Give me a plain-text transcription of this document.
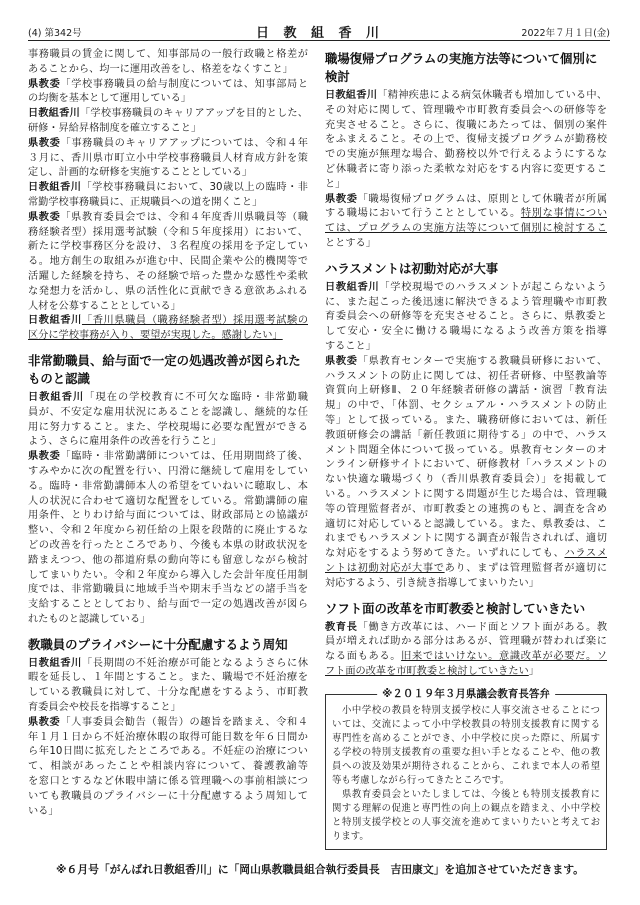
(4) 第342号	日 教 組 香 川	2022年７月１日(金)
事務職員の賃金に関して、知事部局の一般行政職と格差が
あることから、均一に運用改善をし、格差をなくすこと」
県教委「学校事務職員の給与制度については、知事部局と
の均衡を基本として運用している」
日教組香川「学校事務職員のキャリアアップを目的とした、
研修・昇給昇格制度を確立すること」
県教委「事務職員のキャリアアップについては、令和４年
３月に、香川県市町立小中学校事務職員人材育成方針を策
定し、計画的な研修を実施することとしている」
日教組香川「学校事務職員において、30歳以上の臨時・非
常勤学校事務職員に、正規職員への道を開くこと」
県教委「県教育委員会では、令和４年度香川県職員等（職
務経験者型）採用選考試験（令和５年度採用）において、
新たに学校事務区分を設け、３名程度の採用を予定してい
る。地方創生の取組みが進む中、民間企業や公的機関等で
活躍した経験を持ち、その経験で培った豊かな感性や柔軟
な発想力を活かし、県の活性化に貢献できる意欲あふれる
人材を公募することとしている」
日教組香川「香川県職員（職務経験者型）採用選考試験の
区分に学校事務が入り、要望が実現した。感謝したい」
非常勤職員、給与面で一定の処遇改善が図られた
ものと認識
日教組香川「現在の学校教育に不可欠な臨時・非常勤職
員が、不安定な雇用状況にあることを認識し、継続的な任
用に努力すること。また、学校現場に必要な配置ができる
よう、さらに雇用条件の改善を行うこと」
県教委「臨時・非常勤講師については、任用期間終了後、
すみやかに次の配置を行い、円滑に継続して雇用をしてい
る。臨時・非常勤講師本人の希望をていねいに聴取し、本
人の状況に合わせて適切な配置をしている。常勤講師の雇
用条件、とりわけ給与面については、財政部局との協議が
整い、令和２年度から初任給の上限を段階的に廃止するな
どの改善を行ったところであり、今後も本県の財政状況を
踏まえつつ、他の都道府県の動向等にも留意しながら検討
してまいりたい。令和２年度から導入した会計年度任用制
度では、非常勤職員に地域手当や期末手当などの諸手当を
支給することとしており、給与面で一定の処遇改善が図ら
れたものと認識している」
教職員のプライバシーに十分配慮するよう周知
日教組香川「長期間の不妊治療が可能となるようさらに休
暇を延長し、１年間とすること。また、職場で不妊治療を
している教職員に対して、十分な配慮をするよう、市町教
育委員会や校長を指導すること」
県教委「人事委員会勧告（報告）の趣旨を踏まえ、令和４
年１月１日から不妊治療休暇の取得可能日数を年６日間か
ら年10日間に拡充したところである。不妊症の治療につい
て、相談があったことや相談内容について、養護教諭等
を窓口とするなど休暇申請に係る管理職への事前相談につ
いても教職員のプライバシーに十分配慮するよう周知して
いる」
職場復帰プログラムの実施方法等について個別に
検討
日教組香川「精神疾患による病気休職者も増加している中、
その対応に関して、管理職や市町教育委員会への研修等を
充実させること。さらに、復職にあたっては、個別の案件
をふまえること。その上で、復帰支援プログラムが勤務校
での実施が無理な場合、勤務校以外で行えるようにするな
ど休職者に寄り添った柔軟な対応をする内容に変更するこ
と」
県教委「職場復帰プログラムは、原則として休職者が所属
する職場において行うこととしている。特別な事情につい
ては、プログラムの実施方法等について個別に検討するこ
ととする」
ハラスメントは初動対応が大事
日教組香川「学校現場でのハラスメントが起こらないよう
に、また起こった後迅速に解決できるよう管理職や市町教
育委員会への研修等を充実させること。さらに、県教委と
して安心・安全に働ける職場になるよう改善方策を指導
すること」
県教委「県教育センターで実施する教職員研修において、
ハラスメントの防止に関しては、初任者研修、中堅教論等
資質向上研修Ⅱ、２０年経験者研修の講話・演習「教育法
規」の中で、「体罰、セクシュアル・ハラスメントの防止
等」として扱っている。また、職務研修においては、新任
教頭研修会の講話「新任教頭に期待する」の中で、ハラス
メント問題全体について扱っている。県教育センターのオ
ンライン研修サイトにおいて、研修教材「ハラスメントの
ない快適な職場づくり（香川県教育委員会）」を掲載して
いる。ハラスメントに関する問題が生じた場合は、管理職
等の管理監督者が、市町教委との連携のもと、調査を含め
適切に対応していると認識している。また、県教委は、こ
れまでもハラスメントに関する調査が報告されれば、適切
な対応をするよう努めてきた。いずれにしても、ハラスメ
ントは初動対応が大事であり、まずは管理監督者が適切に
対応するよう、引き続き指導してまいりたい」
ソフト面の改革を市町教委と検討していきたい
教育長「働き方改革には、ハード面とソフト面がある。教
員が増えれば助かる部分はあるが、管理職が替われば楽に
なる面もある。旧来ではいけない。意識改革が必要だ。ソ
フト面の改革を市町教委と検討していきたい」
※２０１９年３月県議会教育長答弁
　小中学校の教員を特別支援学校に人事交流させることにつ
いては、交流によって小中学校教員の特別支援教育に関する
専門性を高めることができ、小中学校に戻った際に、所属す
る学校の特別支援教育の重要な担い手となることや、他の教
員への波及効果が期待されることから、これまで本人の希望
等も考慮しながら行ってきたところです。
　県教育委員会といたしましては、今後とも特別支援教育に
関する理解の促進と専門性の向上の観点を踏まえ、小中学校
と特別支援学校との人事交流を進めてまいりたいと考えてお
ります。
※６月号「がんばれ日教組香川」に「岡山県教職員組合執行委員長　吉田康文」を追加させていただきます。
